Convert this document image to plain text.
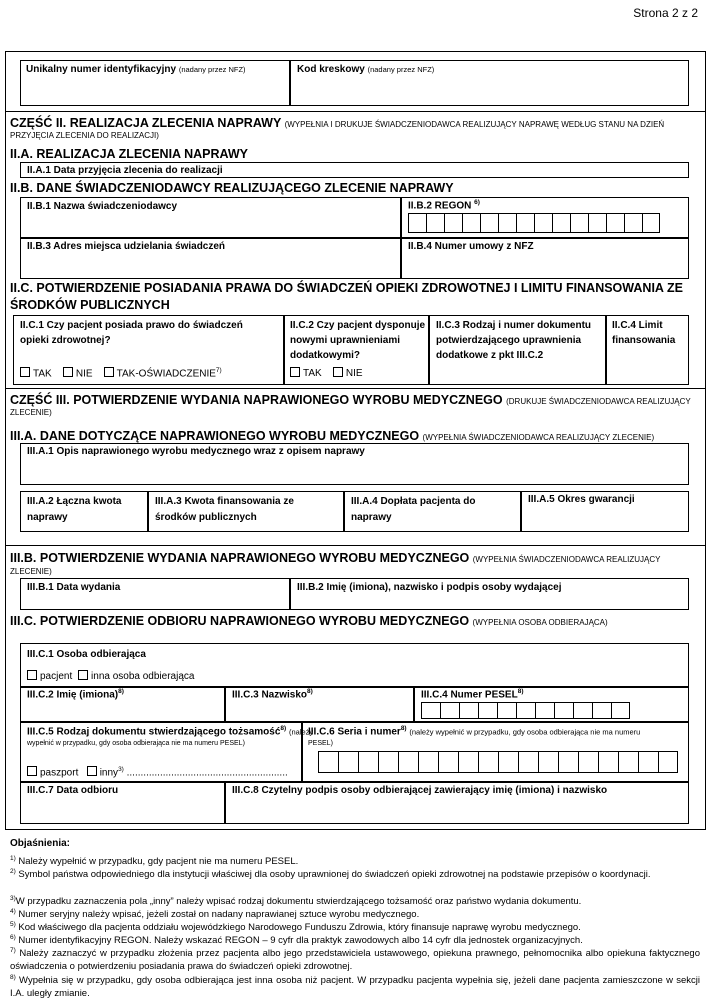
Strona 2 z 2
Unikalny numer identyfikacyjny (nadany przez NFZ)	Kod kreskowy (nadany przez NFZ)
CZĘŚĆ II. REALIZACJA ZLECENIA NAPRAWY (WYPEŁNIA I DRUKUJE ŚWIADCZENIODAWCA REALIZUJĄCY NAPRAWĘ WEDŁUG STANU NA DZIEŃ
PRZYJĘCIA ZLECENIA DO REALIZACJI)
II.A. REALIZACJA ZLECENIA NAPRAWY
II.A.1 Data przyjęcia zlecenia do realizacji
II.B. DANE ŚWIADCZENIODAWCY REALIZUJĄCEGO ZLECENIE NAPRAWY
II.B.1 Nazwa świadczeniodawcy	II.B.2 REGON $^{6)}$
II.B.3 Adres miejsca udzielania świadczeń	II.B.4 Numer umowy z NFZ
II.C. POTWIERDZENIE POSIADANIA PRAWA DO ŚWIADCZEŃ OPIEKI ZDROWOTNEJ I LIMITU FINANSOWANIA ZE
ŚRODKÓW PUBLICZNYCH
II.C.1 Czy pacjent posiada prawo do świadczeń
opieki zdrowotnej?
TAK NIE TAK-OŚWIADCZENIE$^{7)}$
II.C.2 Czy pacjent dysponuje
nowymi uprawnieniami
dodatkowymi?
TAK NIE
II.C.3 Rodzaj i numer dokumentu
potwierdzającego uprawnienia
dodatkowe z pkt III.C.2
II.C.4 Limit
finansowania
CZĘŚĆ III. POTWIERDZENIE WYDANIA NAPRAWIONEGO WYROBU MEDYCZNEGO (DRUKUJE ŚWIADCZENIODAWCA REALIZUJĄCY
ZLECENIE)
III.A. DANE DOTYCZĄCE NAPRAWIONEGO WYROBU MEDYCZNEGO (WYPEŁNIA ŚWIADCZENIODAWCA REALIZUJĄCY ZLECENIE)
III.A.1 Opis naprawionego wyrobu medycznego wraz z opisem naprawy
III.A.2 Łączna kwota
naprawy
III.A.3 Kwota finansowania ze
środków publicznych
III.A.4 Dopłata pacjenta do
naprawy
III.A.5 Okres gwarancji
III.B. POTWIERDZENIE WYDANIA NAPRAWIONEGO WYROBU MEDYCZNEGO (WYPEŁNIA ŚWIADCZENIODAWCA REALIZUJĄCY
ZLECENIE)
III.B.1 Data wydania	III.B.2 Imię (imiona), nazwisko i podpis osoby wydającej
III.C. POTWIERDZENIE ODBIORU NAPRAWIONEGO WYROBU MEDYCZNEGO (WYPEŁNIA OSOBA ODBIERAJĄCA)
III.C.1 Osoba odbierająca
pacjent inna osoba odbierająca
III.C.2 Imię (imiona)$^{8)}$	III.C.3 Nazwisko$^{8)}$	III.C.4 Numer PESEL$^{8)}$
III.C.5 Rodzaj dokumentu stwierdzającego tożsamość$^{8)}$ (należy
wypełnić w przypadku, gdy osoba odbierająca nie ma numeru PESEL)
paszport inny$^{3)}$ ..........................................................
III.C.6 Seria i numer$^{8)}$ (należy wypełnić w przypadku, gdy osoba odbierająca nie ma numeru
PESEL)
III.C.7 Data odbioru	III.C.8 Czytelny podpis osoby odbierającej zawierający imię (imiona) i nazwisko
Objaśnienia:
$^{1)}$ Należy wypełnić w przypadku, gdy pacjent nie ma numeru PESEL.
$^{2)}$ Symbol państwa odpowiedniego dla instytucji właściwej dla osoby uprawnionej do świadczeń opieki zdrowotnej na podstawie przepisów o koordynacji.
$^{3)}$W przypadku zaznaczenia pola „inny” należy wpisać rodzaj dokumentu stwierdzającego tożsamość oraz państwo wydania dokumentu.
$^{4)}$ Numer seryjny należy wpisać, jeżeli został on nadany naprawianej sztuce wyrobu medycznego.
$^{5)}$ Kod właściwego dla pacjenta oddziału wojewódzkiego Narodowego Funduszu Zdrowia, który finansuje naprawę wyrobu medycznego.
$^{6)}$ Numer identyfikacyjny REGON. Należy wskazać REGON – 9 cyfr dla praktyk zawodowych albo 14 cyfr dla jednostek organizacyjnych.
$^{7)}$ Należy zaznaczyć w przypadku złożenia przez pacjenta albo jego przedstawiciela ustawowego, opiekuna prawnego, pełnomocnika albo opiekuna faktycznego oświadczenia o potwierdzeniu posiadania prawa do świadczeń opieki zdrowotnej.
$^{8)}$ Wypełnia się w przypadku, gdy osoba odbierająca jest inna osoba niż pacjent. W przypadku pacjenta wypełnia się, jeżeli dane pacjenta zamieszczone w sekcji I.A. uległy zmianie.
